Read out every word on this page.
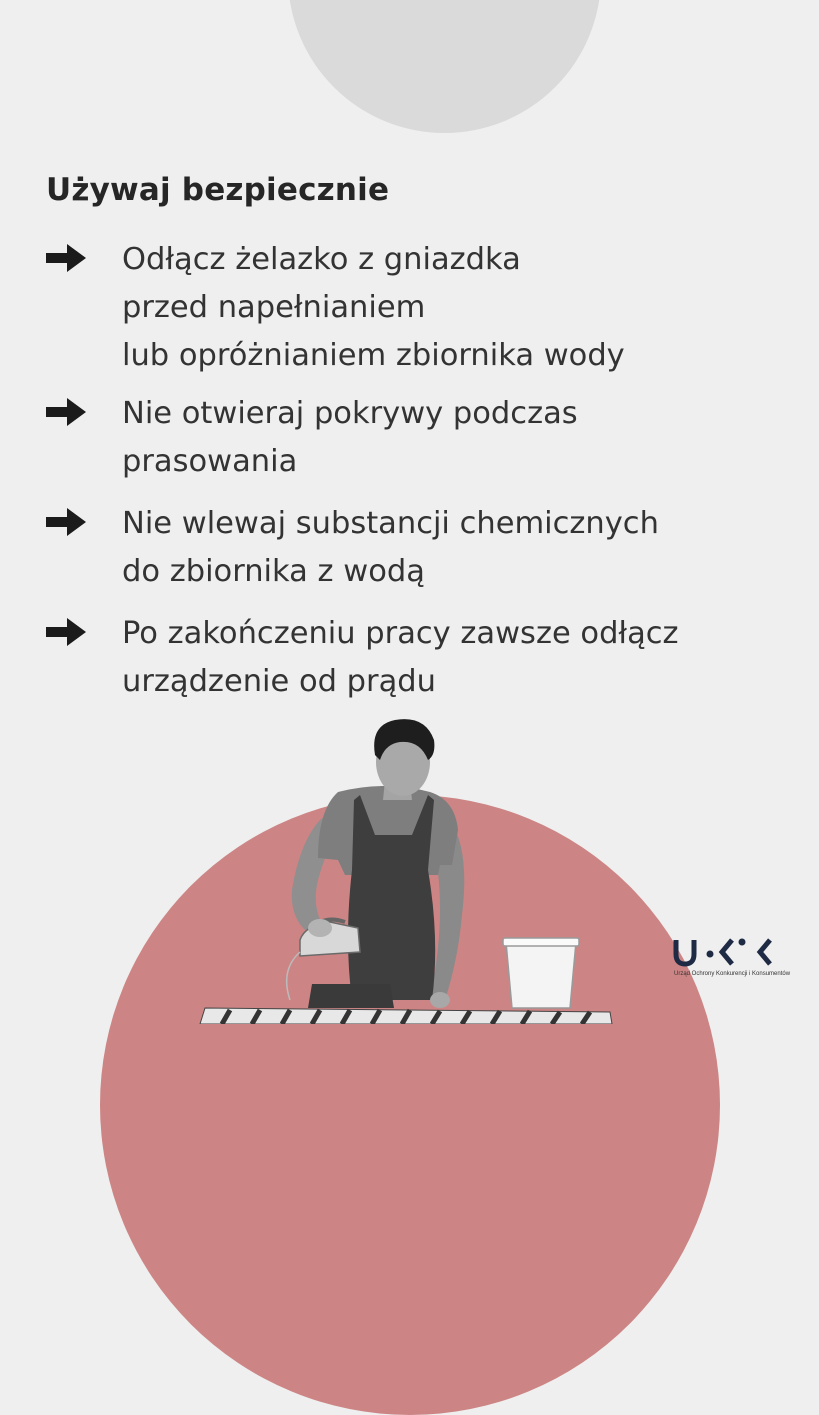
Używaj bezpiecznie
Odłącz żelazko z gniazdka
przed napełnianiem
lub opróżnianiem zbiornika wody
Nie otwieraj pokrywy podczas
prasowania
Nie wlewaj substancji chemicznych
do zbiornika z wodą
Po zakończeniu pracy zawsze odłącz
urządzenie od prądu
Urząd Ochrony Konkurencji i Konsumentów
